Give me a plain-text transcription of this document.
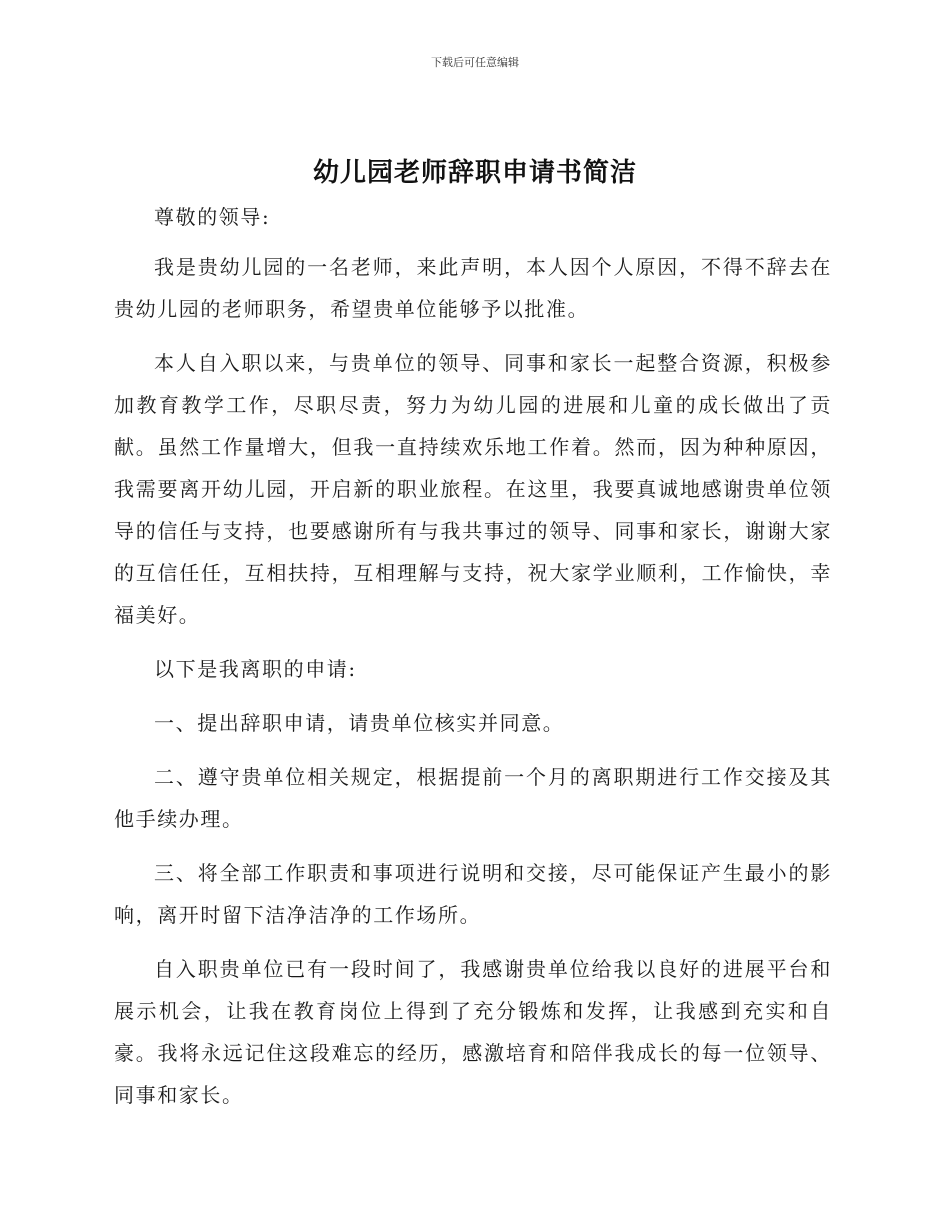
下载后可任意编辑
幼儿园老师辞职申请书简洁

尊敬的领导:

我是贵幼儿园的一名老师，来此声明，本人因个人原因，不得不辞去在贵幼儿园的老师职务，希望贵单位能够予以批准。

本人自入职以来，与贵单位的领导、同事和家长一起整合资源，积极参加教育教学工作，尽职尽责，努力为幼儿园的进展和儿童的成长做出了贡献。虽然工作量增大，但我一直持续欢乐地工作着。然而，因为种种原因，我需要离开幼儿园，开启新的职业旅程。在这里，我要真诚地感谢贵单位领导的信任与支持，也要感谢所有与我共事过的领导、同事和家长，谢谢大家的互信任任，互相扶持，互相理解与支持，祝大家学业顺利，工作愉快，幸福美好。

以下是我离职的申请:

一、提出辞职申请，请贵单位核实并同意。

二、遵守贵单位相关规定，根据提前一个月的离职期进行工作交接及其他手续办理。

三、将全部工作职责和事项进行说明和交接，尽可能保证产生最小的影响，离开时留下洁净洁净的工作场所。

自入职贵单位已有一段时间了，我感谢贵单位给我以良好的进展平台和展示机会，让我在教育岗位上得到了充分锻炼和发挥，让我感到充实和自豪。我将永远记住这段难忘的经历，感激培育和陪伴我成长的每一位领导、同事和家长。
